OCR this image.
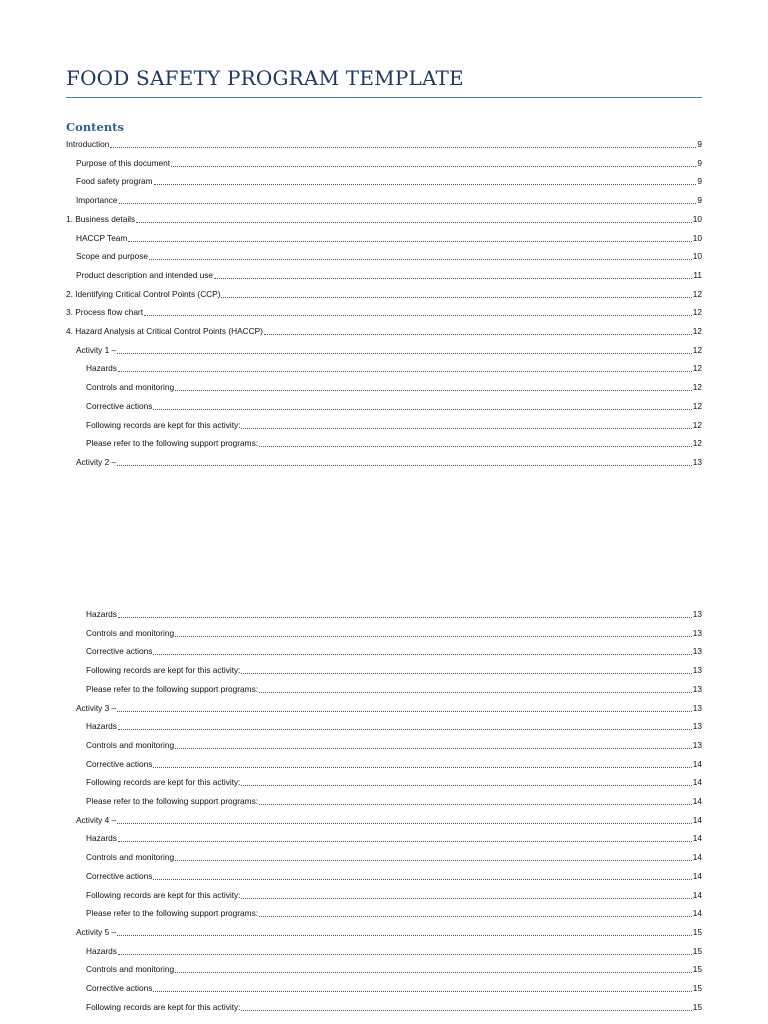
FOOD SAFETY PROGRAM TEMPLATE
Contents
Introduction	9
Purpose of this document	9
Food safety program	9
Importance	9
1. Business details	10
HACCP Team	10
Scope and purpose	10
Product description and intended use	11
2. Identifying Critical Control Points (CCP)	12
3. Process flow chart	12
4. Hazard Analysis at Critical Control Points (HACCP)	12
Activity 1 –	12
Hazards	12
Controls and monitoring	12
Corrective actions	12
Following records are kept for this activity:	12
Please refer to the following support programs:	12
Activity 2 –	13
Hazards	13
Controls and monitoring	13
Corrective actions	13
Following records are kept for this activity:	13
Please refer to the following support programs:	13
Activity 3 –	13
Hazards	13
Controls and monitoring	13
Corrective actions	14
Following records are kept for this activity:	14
Please refer to the following support programs:	14
Activity 4 –	14
Hazards	14
Controls and monitoring	14
Corrective actions	14
Following records are kept for this activity:	14
Please refer to the following support programs:	14
Activity 5 –	15
Hazards	15
Controls and monitoring	15
Corrective actions	15
Following records are kept for this activity:	15
